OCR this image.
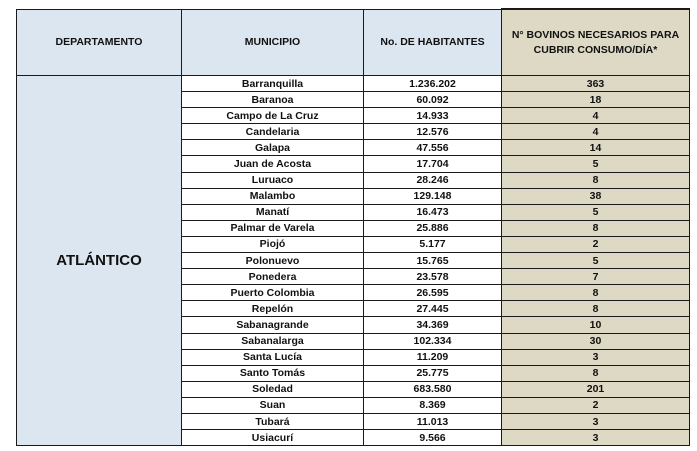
DEPARTAMENTO	MUNICIPIO	No. DE HABITANTES	N° BOVINOS NECESARIOS PARA CUBRIR CONSUMO/DÍA*
ATLÁNTICO	Barranquilla	1.236.202	363
	Baranoa	60.092	18
	Campo de La Cruz	14.933	4
	Candelaria	12.576	4
	Galapa	47.556	14
	Juan de Acosta	17.704	5
	Luruaco	28.246	8
	Malambo	129.148	38
	Manatí	16.473	5
	Palmar de Varela	25.886	8
	Piojó	5.177	2
	Polonuevo	15.765	5
	Ponedera	23.578	7
	Puerto Colombia	26.595	8
	Repelón	27.445	8
	Sabanagrande	34.369	10
	Sabanalarga	102.334	30
	Santa Lucía	11.209	3
	Santo Tomás	25.775	8
	Soledad	683.580	201
	Suan	8.369	2
	Tubará	11.013	3
	Usiacurí	9.566	3
